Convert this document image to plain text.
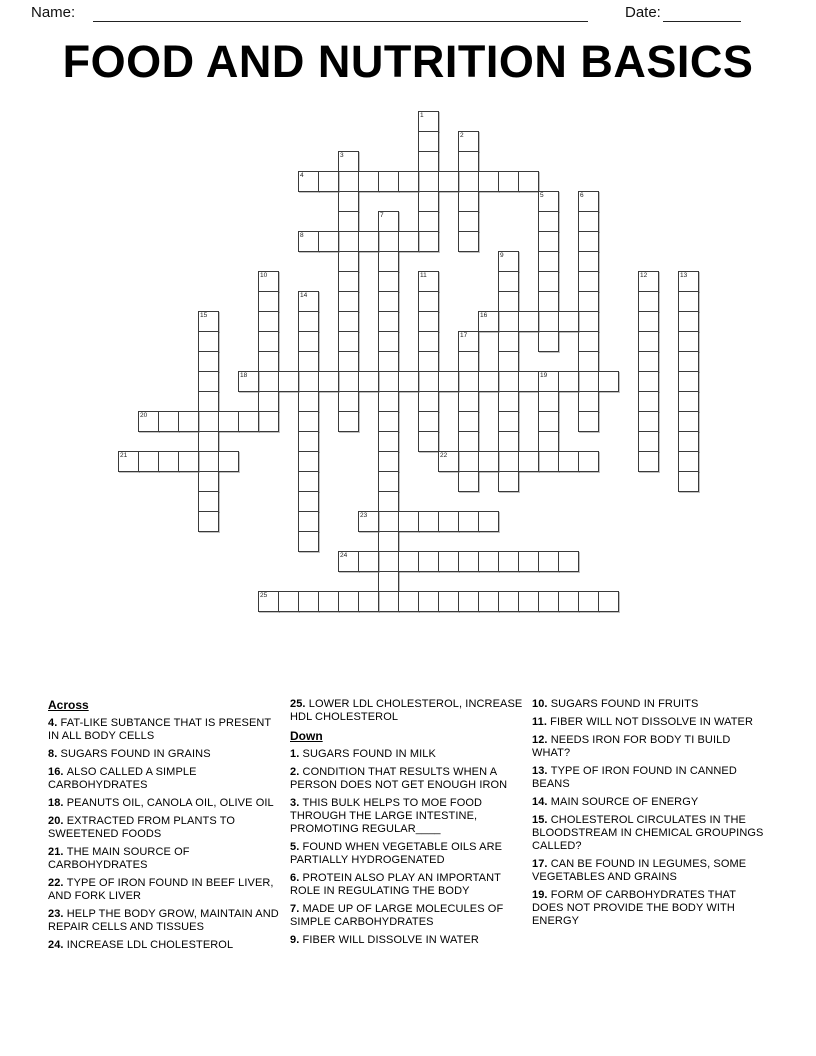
Name:	Date:
FOOD AND NUTRITION BASICS
1
2
3
4
5	6
7
8
9
10	11	12	13
14
15	16
17
18	19
20
21	22
23
24
25
Across
4. FAT-LIKE SUBTANCE THAT IS PRESENT IN ALL BODY CELLS
8. SUGARS FOUND IN GRAINS
16. ALSO CALLED A SIMPLE CARBOHYDRATES
18. PEANUTS OIL, CANOLA OIL, OLIVE OIL
20. EXTRACTED FROM PLANTS TO SWEETENED FOODS
21. THE MAIN SOURCE OF CARBOHYDRATES
22. TYPE OF IRON FOUND IN BEEF LIVER, AND FORK LIVER
23. HELP THE BODY GROW, MAINTAIN AND REPAIR CELLS AND TISSUES
24. INCREASE LDL CHOLESTEROL
25. LOWER LDL CHOLESTEROL, INCREASE HDL CHOLESTEROL
Down
1. SUGARS FOUND IN MILK
2. CONDITION THAT RESULTS WHEN A PERSON DOES NOT GET ENOUGH IRON
3. THIS BULK HELPS TO MOE FOOD THROUGH THE LARGE INTESTINE, PROMOTING REGULAR____
5. FOUND WHEN VEGETABLE OILS ARE PARTIALLY HYDROGENATED
6. PROTEIN ALSO PLAY AN IMPORTANT ROLE IN REGULATING THE BODY
7. MADE UP OF LARGE MOLECULES OF SIMPLE CARBOHYDRATES
9. FIBER WILL DISSOLVE IN WATER
10. SUGARS FOUND IN FRUITS
11. FIBER WILL NOT DISSOLVE IN WATER
12. NEEDS IRON FOR BODY TI BUILD WHAT?
13. TYPE OF IRON FOUND IN CANNED BEANS
14. MAIN SOURCE OF ENERGY
15. CHOLESTEROL CIRCULATES IN THE BLOODSTREAM IN CHEMICAL GROUPINGS CALLED?
17. CAN BE FOUND IN LEGUMES, SOME VEGETABLES AND GRAINS
19. FORM OF CARBOHYDRATES THAT DOES NOT PROVIDE THE BODY WITH ENERGY
